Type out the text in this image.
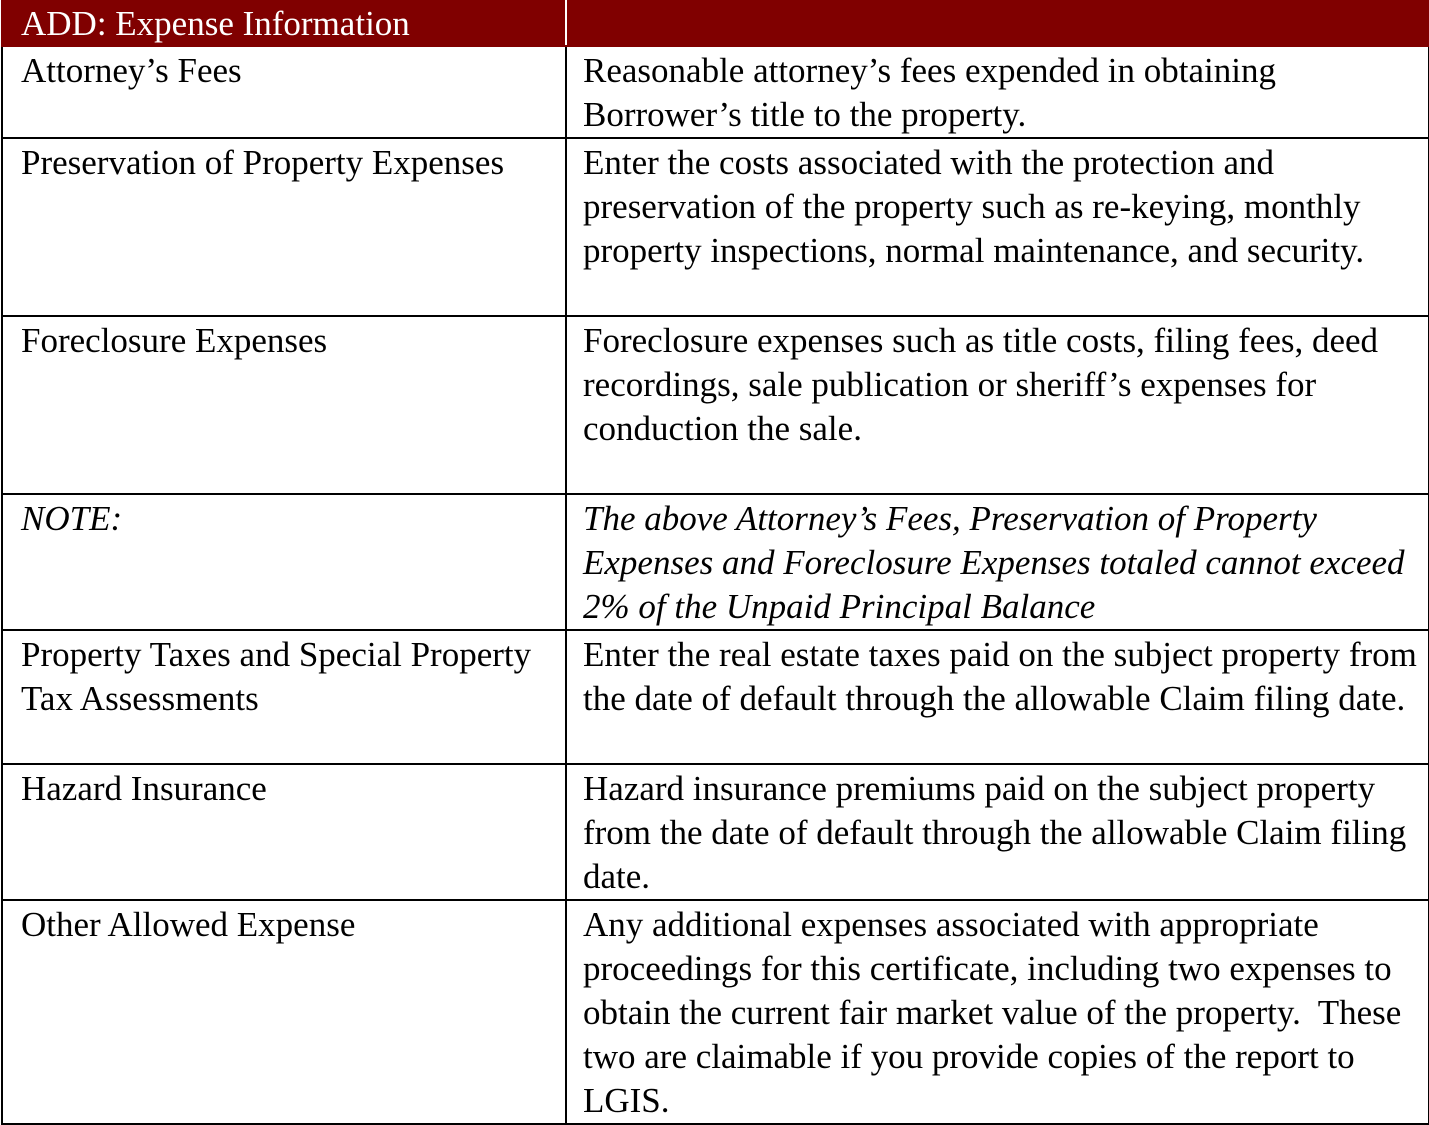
ADD: Expense Information	
Attorney’s Fees	Reasonable attorney’s fees expended in obtaining Borrower’s title to the property.
Preservation of Property Expenses	Enter the costs associated with the protection and preservation of the property such as re-keying, monthly property inspections, normal maintenance, and security.
Foreclosure Expenses	Foreclosure expenses such as title costs, filing fees, deed recordings, sale publication or sheriff’s expenses for conduction the sale.
NOTE:	The above Attorney’s Fees, Preservation of Property Expenses and Foreclosure Expenses totaled cannot exceed 2% of the Unpaid Principal Balance
Property Taxes and Special Property Tax Assessments	Enter the real estate taxes paid on the subject property from the date of default through the allowable Claim filing date.
Hazard Insurance	Hazard insurance premiums paid on the subject property from the date of default through the allowable Claim filing date.
Other Allowed Expense	Any additional expenses associated with appropriate proceedings for this certificate, including two expenses to obtain the current fair market value of the property.  These two are claimable if you provide copies of the report to LGIS.
